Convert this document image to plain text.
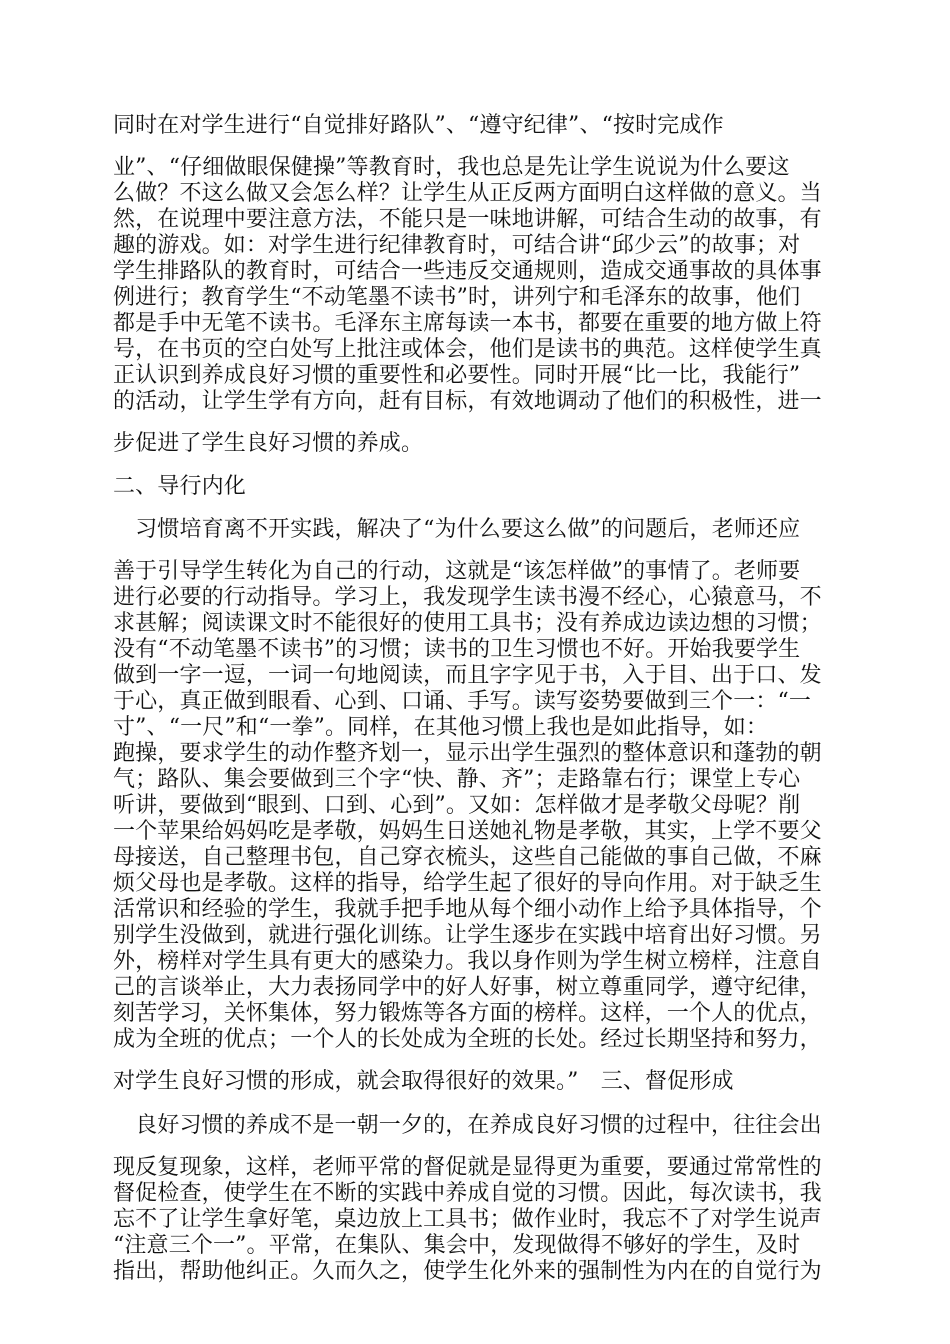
同时在对学生进行“自觉排好路队”、“遵守纪律”、“按时完成作
业”、“仔细做眼保健操”等教育时，我也总是先让学生说说为什么要这
么做？不这么做又会怎么样？让学生从正反两方面明白这样做的意义。当
然，在说理中要注意方法，不能只是一味地讲解，可结合生动的故事，有
趣的游戏。如：对学生进行纪律教育时，可结合讲“邱少云”的故事；对
学生排路队的教育时，可结合一些违反交通规则，造成交通事故的具体事
例进行；教育学生“不动笔墨不读书”时，讲列宁和毛泽东的故事，他们
都是手中无笔不读书。毛泽东主席每读一本书，都要在重要的地方做上符
号，在书页的空白处写上批注或体会，他们是读书的典范。这样使学生真
正认识到养成良好习惯的重要性和必要性。同时开展“比一比，我能行”
的活动，让学生学有方向，赶有目标，有效地调动了他们的积极性，进一
步促进了学生良好习惯的养成。
二、导行内化
　习惯培育离不开实践，解决了“为什么要这么做”的问题后，老师还应
善于引导学生转化为自己的行动，这就是“该怎样做”的事情了。老师要
进行必要的行动指导。学习上，我发现学生读书漫不经心，心猿意马，不
求甚解；阅读课文时不能很好的使用工具书；没有养成边读边想的习惯；
没有“不动笔墨不读书”的习惯；读书的卫生习惯也不好。开始我要学生
做到一字一逗，一词一句地阅读，而且字字见于书，入于目、出于口、发
于心，真正做到眼看、心到、口诵、手写。读写姿势要做到三个一：“一
寸”、“一尺”和“一拳”。同样，在其他习惯上我也是如此指导，如：
跑操，要求学生的动作整齐划一，显示出学生强烈的整体意识和蓬勃的朝
气；路队、集会要做到三个字“快、静、齐”；走路靠右行；课堂上专心
听讲，要做到“眼到、口到、心到”。又如：怎样做才是孝敬父母呢？削
一个苹果给妈妈吃是孝敬，妈妈生日送她礼物是孝敬，其实，上学不要父
母接送，自己整理书包，自己穿衣梳头，这些自己能做的事自己做，不麻
烦父母也是孝敬。这样的指导，给学生起了很好的导向作用。对于缺乏生
活常识和经验的学生，我就手把手地从每个细小动作上给予具体指导，个
别学生没做到，就进行强化训练。让学生逐步在实践中培育出好习惯。另
外，榜样对学生具有更大的感染力。我以身作则为学生树立榜样，注意自
己的言谈举止，大力表扬同学中的好人好事，树立尊重同学，遵守纪律，
刻苦学习，关怀集体，努力锻炼等各方面的榜样。这样，一个人的优点，
成为全班的优点；一个人的长处成为全班的长处。经过长期坚持和努力，
对学生良好习惯的形成，就会取得很好的效果。”　三、督促形成
　良好习惯的养成不是一朝一夕的，在养成良好习惯的过程中，往往会出
现反复现象，这样，老师平常的督促就是显得更为重要，要通过常常性的
督促检查，使学生在不断的实践中养成自觉的习惯。因此，每次读书，我
忘不了让学生拿好笔，桌边放上工具书；做作业时，我忘不了对学生说声
“注意三个一”。平常，在集队、集会中，发现做得不够好的学生，及时
指出，帮助他纠正。久而久之，使学生化外来的强制性为内在的自觉行为
